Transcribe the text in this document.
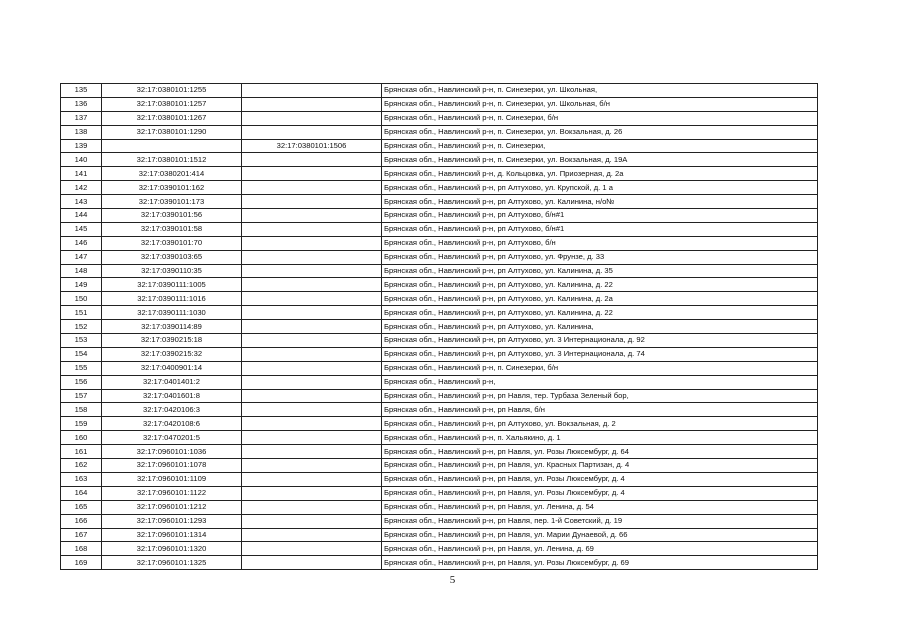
135	32:17:0380101:1255		Брянская обл., Навлинский р-н, п. Синезерки, ул. Школьная,
136	32:17:0380101:1257		Брянская обл., Навлинский р-н, п. Синезерки, ул. Школьная, б/н
137	32:17:0380101:1267		Брянская обл., Навлинский р-н, п. Синезерки, б/н
138	32:17:0380101:1290		Брянская обл., Навлинский р-н, п. Синезерки, ул. Вокзальная, д. 26
139		32:17:0380101:1506	Брянская обл., Навлинский р-н, п. Синезерки,
140	32:17:0380101:1512		Брянская обл., Навлинский р-н, п. Синезерки, ул. Вокзальная, д. 19А
141	32:17:0380201:414		Брянская обл., Навлинский р-н, д. Кольцовка, ул. Приозерная, д. 2а
142	32:17:0390101:162		Брянская обл., Навлинский р-н, рп Алтухово, ул. Крупской, д. 1 а
143	32:17:0390101:173		Брянская обл., Навлинский р-н, рп Алтухово, ул. Калинина, н/о№
144	32:17:0390101:56		Брянская обл., Навлинский р-н, рп Алтухово, б/н#1
145	32:17:0390101:58		Брянская обл., Навлинский р-н, рп Алтухово, б/н#1
146	32:17:0390101:70		Брянская обл., Навлинский р-н, рп Алтухово, б/н
147	32:17:0390103:65		Брянская обл., Навлинский р-н, рп Алтухово, ул. Фрунзе, д. 33
148	32:17:0390110:35		Брянская обл., Навлинский р-н, рп Алтухово, ул. Калинина, д. 35
149	32:17:0390111:1005		Брянская обл., Навлинский р-н, рп Алтухово, ул. Калинина, д. 22
150	32:17:0390111:1016		Брянская обл., Навлинский р-н, рп Алтухово, ул. Калинина, д. 2а
151	32:17:0390111:1030		Брянская обл., Навлинский р-н, рп Алтухово, ул. Калинина, д. 22
152	32:17:0390114:89		Брянская обл., Навлинский р-н, рп Алтухово, ул. Калинина,
153	32:17:0390215:18		Брянская обл., Навлинский р-н, рп Алтухово, ул. 3 Интернационала, д. 92
154	32:17:0390215:32		Брянская обл., Навлинский р-н, рп Алтухово, ул. 3 Интернационала, д. 74
155	32:17:0400901:14		Брянская обл., Навлинский р-н, п. Синезерки, б/н
156	32:17:0401401:2		Брянская обл., Навлинский р-н,
157	32:17:0401601:8		Брянская обл., Навлинский р-н, рп Навля, тер. Турбаза Зеленый бор,
158	32:17:0420106:3		Брянская обл., Навлинский р-н, рп Навля, б/н
159	32:17:0420108:6		Брянская обл., Навлинский р-н, рп Алтухово, ул. Вокзальная, д. 2
160	32:17:0470201:5		Брянская обл., Навлинский р-н, п. Хальякино, д. 1
161	32:17:0960101:1036		Брянская обл., Навлинский р-н, рп Навля, ул. Розы Люксембург, д. 64
162	32:17:0960101:1078		Брянская обл., Навлинский р-н, рп Навля, ул. Красных Партизан, д. 4
163	32:17:0960101:1109		Брянская обл., Навлинский р-н, рп Навля, ул. Розы Люксембург, д. 4
164	32:17:0960101:1122		Брянская обл., Навлинский р-н, рп Навля, ул. Розы Люксембург, д. 4
165	32:17:0960101:1212		Брянская обл., Навлинский р-н, рп Навля, ул. Ленина, д. 54
166	32:17:0960101:1293		Брянская обл., Навлинский р-н, рп Навля, пер. 1-й Советский, д. 19
167	32:17:0960101:1314		Брянская обл., Навлинский р-н, рп Навля, ул. Марии Дунаевой, д. 66
168	32:17:0960101:1320		Брянская обл., Навлинский р-н, рп Навля, ул. Ленина, д. 69
169	32:17:0960101:1325		Брянская обл., Навлинский р-н, рп Навля, ул. Розы Люксембург, д. 69
5
